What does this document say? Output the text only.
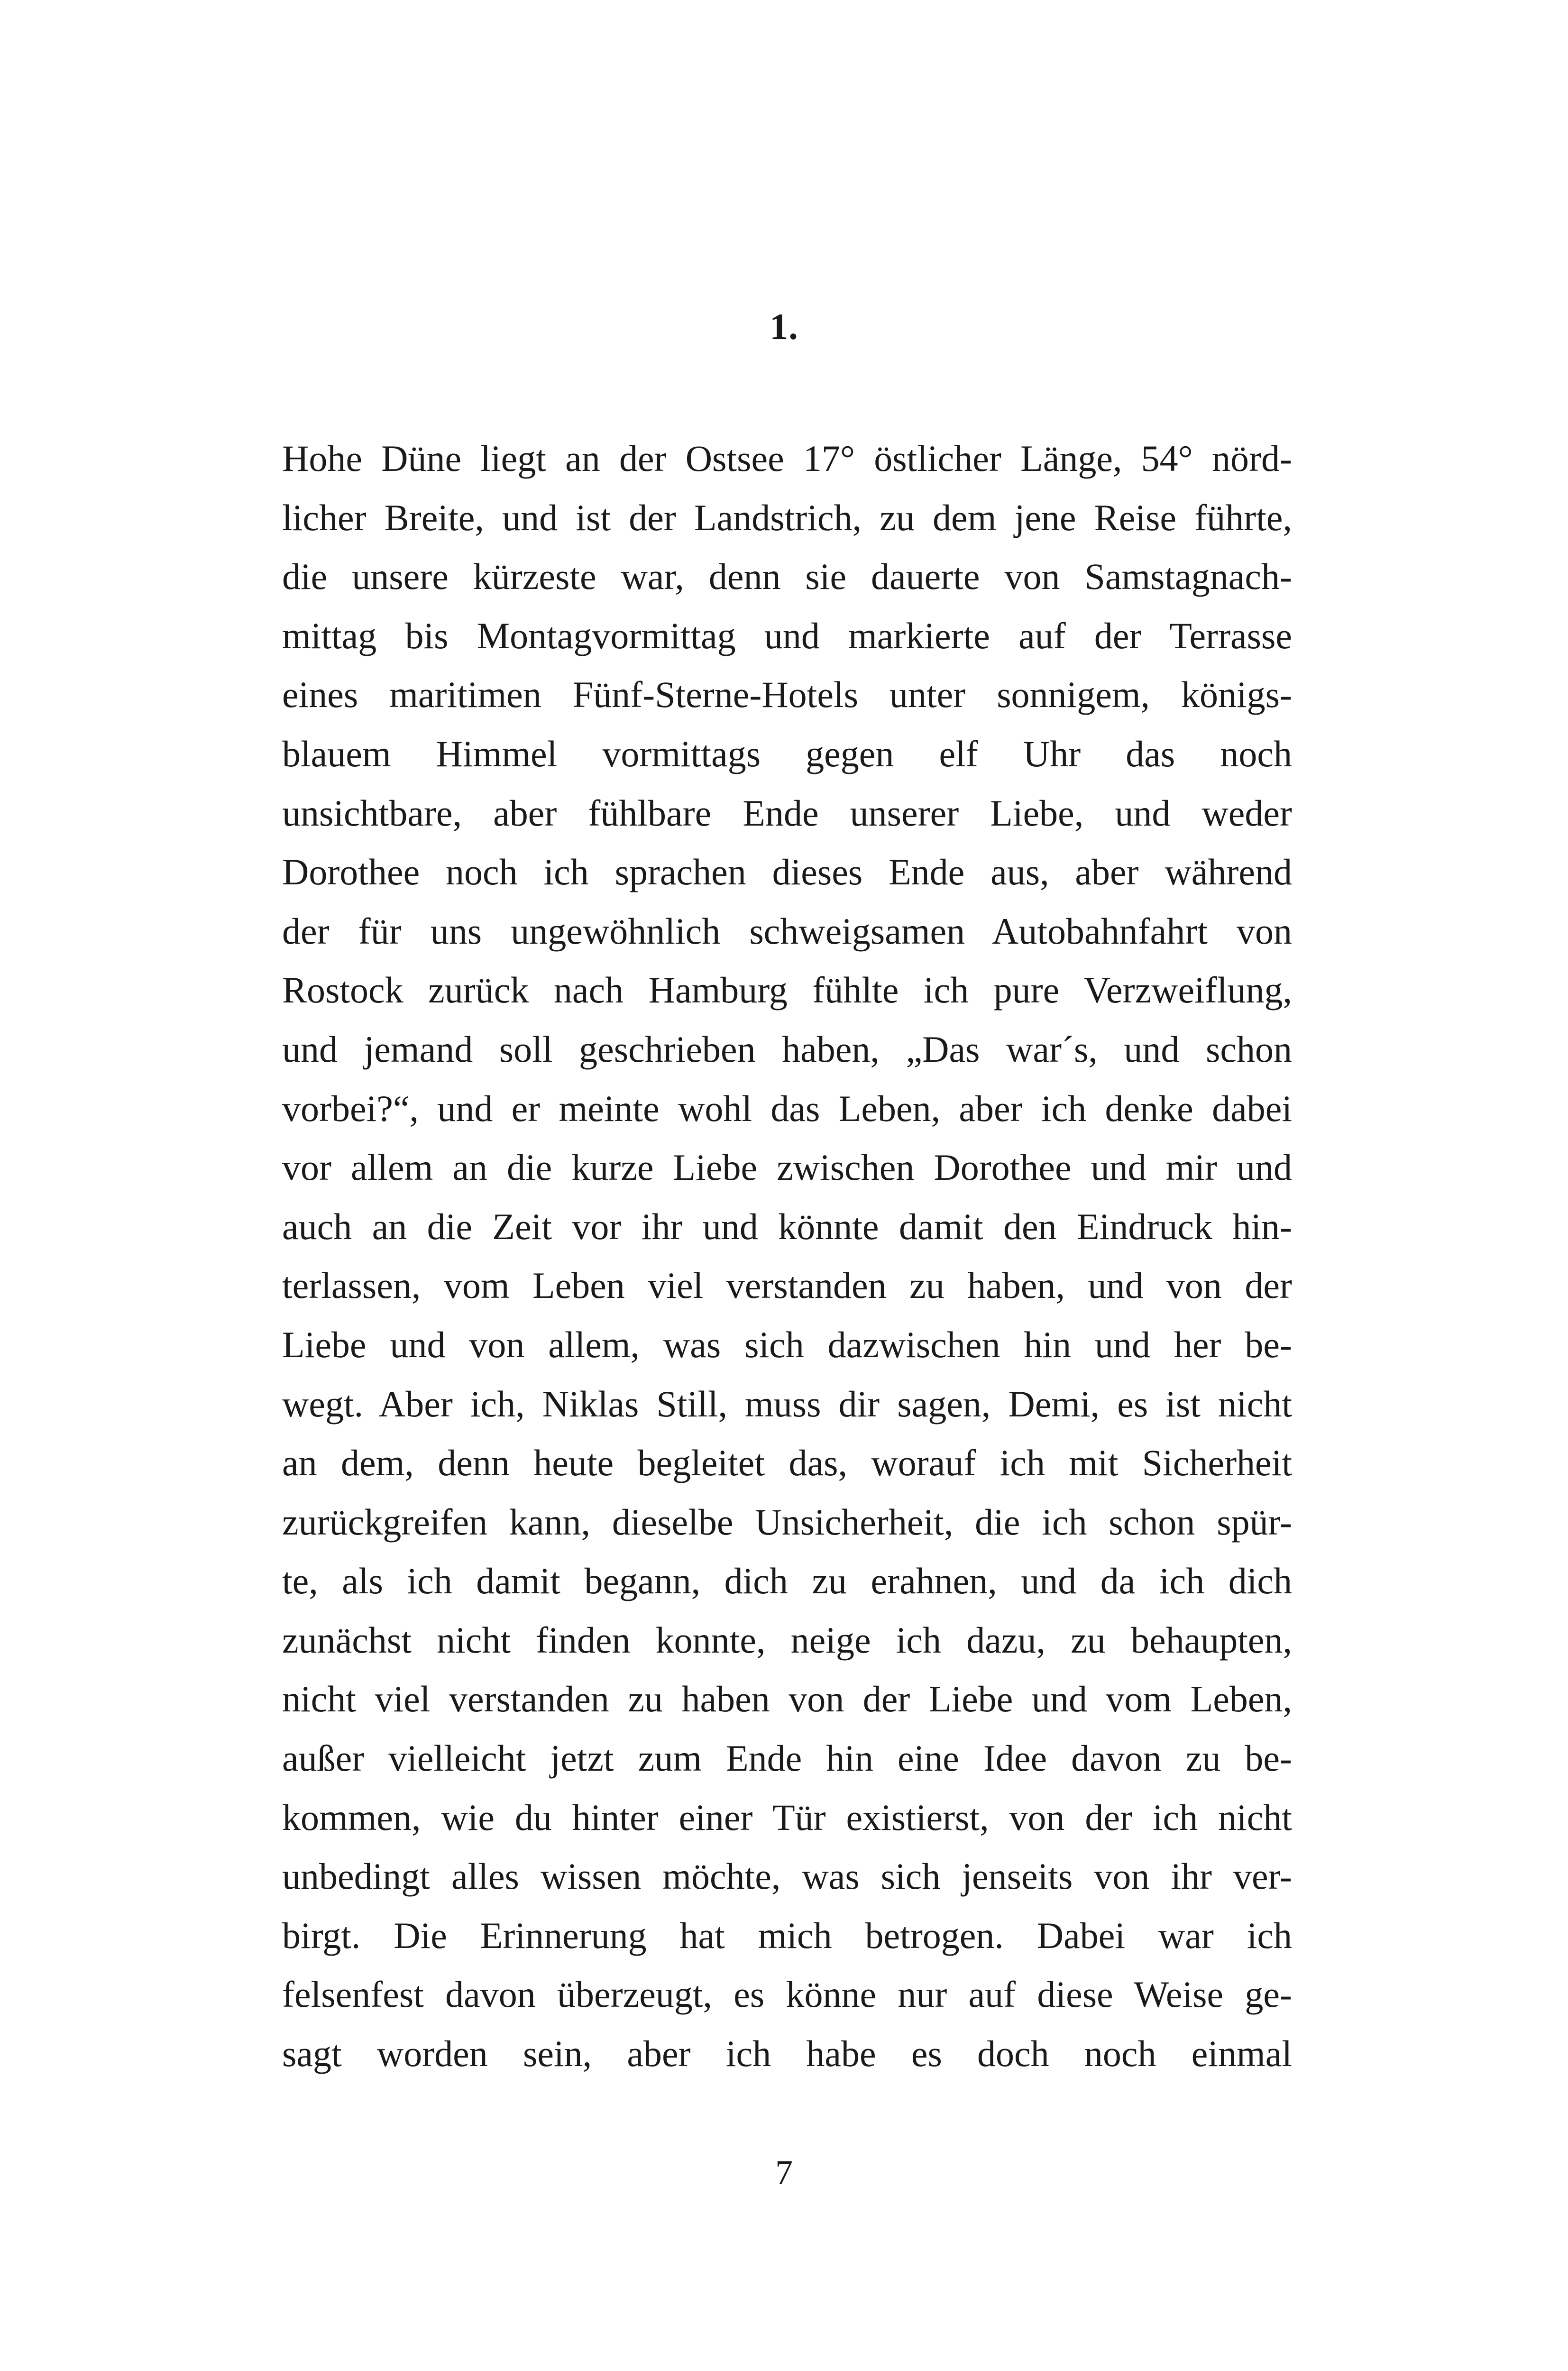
1.
Hohe Düne liegt an der Ostsee 17° östlicher Länge, 54° nörd-
licher Breite, und ist der Landstrich, zu dem jene Reise führte,
die unsere kürzeste war, denn sie dauerte von Samstagnach-
mittag bis Montagvormittag und markierte auf der Terrasse
eines maritimen Fünf-Sterne-Hotels unter sonnigem, königs-
blauem Himmel vormittags gegen elf Uhr das noch
unsichtbare, aber fühlbare Ende unserer Liebe, und weder
Dorothee noch ich sprachen dieses Ende aus, aber während
der für uns ungewöhnlich schweigsamen Autobahnfahrt von
Rostock zurück nach Hamburg fühlte ich pure Verzweiflung,
und jemand soll geschrieben haben, „Das war´s, und schon
vorbei?“, und er meinte wohl das Leben, aber ich denke dabei
vor allem an die kurze Liebe zwischen Dorothee und mir und
auch an die Zeit vor ihr und könnte damit den Eindruck hin-
terlassen, vom Leben viel verstanden zu haben, und von der
Liebe und von allem, was sich dazwischen hin und her be-
wegt. Aber ich, Niklas Still, muss dir sagen, Demi, es ist nicht
an dem, denn heute begleitet das, worauf ich mit Sicherheit
zurückgreifen kann, dieselbe Unsicherheit, die ich schon spür-
te, als ich damit begann, dich zu erahnen, und da ich dich
zunächst nicht finden konnte, neige ich dazu, zu behaupten,
nicht viel verstanden zu haben von der Liebe und vom Leben,
außer vielleicht jetzt zum Ende hin eine Idee davon zu be-
kommen, wie du hinter einer Tür existierst, von der ich nicht
unbedingt alles wissen möchte, was sich jenseits von ihr ver-
birgt. Die Erinnerung hat mich betrogen. Dabei war ich
felsenfest davon überzeugt, es könne nur auf diese Weise ge-
sagt worden sein, aber ich habe es doch noch einmal
7
